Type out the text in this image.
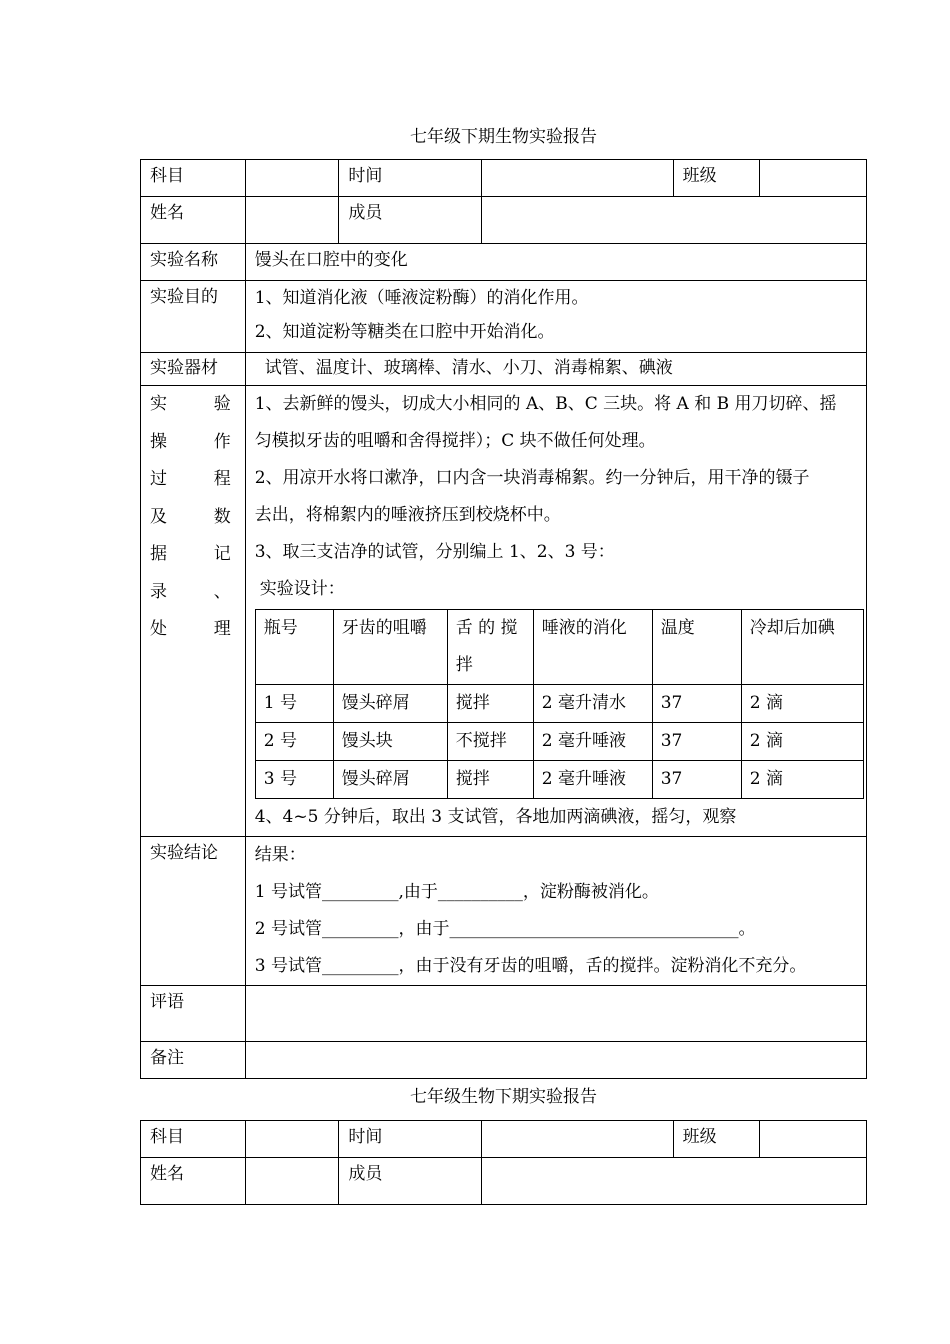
七年级下期生物实验报告
科目		时间		班级	
姓名		成员	
实验名称	馒头在口腔中的变化
实验目的	1、知道消化液（唾液淀粉酶）的消化作用。
2、知道淀粉等糖类在口腔中开始消化。

实验器材	试管、温度计、玻璃棒、清水、小刀、消毒棉絮、碘液

实	验
操	作
过	程
及	数
据	记
录	、
处	理

1、去新鲜的馒头，切成大小相同的 A、B、C 三块。将 A 和 B 用刀切碎、摇
匀模拟牙齿的咀嚼和舍得搅拌）；C 块不做任何处理。
2、用凉开水将口漱净，口内含一块消毒棉絮。约一分钟后，用干净的镊子
去出，将棉絮内的唾液挤压到校烧杯中。
3、取三支洁净的试管，分别编上 1、2、3 号：
实验设计：
瓶号	牙齿的咀嚼	舌 的 搅
拌	唾液的消化	温度	冷却后加碘
1 号	馒头碎屑	搅拌	2 毫升清水	37	2 滴
2 号	馒头块	不搅拌	2 毫升唾液	37	2 滴
3 号	馒头碎屑	搅拌	2 毫升唾液	37	2 滴
4、4~5 分钟后，取出 3 支试管，各地加两滴碘液，摇匀，观察

实验结论	结果：
1 号试管_________,由于__________，淀粉酶被消化。
2 号试管_________，由于__________________________________。
3 号试管_________，由于没有牙齿的咀嚼，舌的搅拌。淀粉消化不充分。

评语	
备注	
七年级生物下期实验报告
科目		时间		班级	
姓名		成员			
